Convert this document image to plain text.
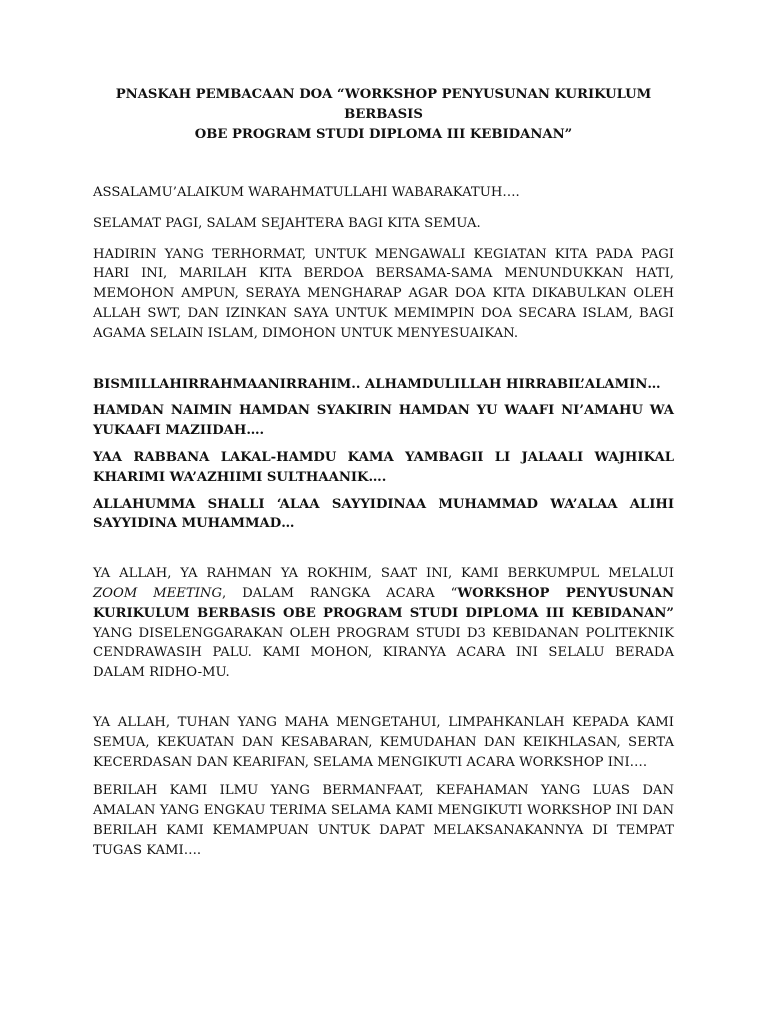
PNASKAH PEMBACAAN DOA “WORKSHOP PENYUSUNAN KURIKULUM BERBASIS
OBE PROGRAM STUDI DIPLOMA III KEBIDANAN”

ASSALAMU’ALAIKUM WARAHMATULLAHI WABARAKATUH….

SELAMAT PAGI, SALAM SEJAHTERA BAGI KITA SEMUA.

HADIRIN YANG TERHORMAT, UNTUK MENGAWALI KEGIATAN KITA PADA PAGI HARI INI, MARILAH KITA BERDOA BERSAMA-SAMA MENUNDUKKAN HATI, MEMOHON AMPUN, SERAYA MENGHARAP AGAR DOA KITA DIKABULKAN OLEH ALLAH SWT, DAN IZINKAN SAYA UNTUK MEMIMPIN DOA SECARA ISLAM, BAGI AGAMA SELAIN ISLAM, DIMOHON UNTUK MENYESUAIKAN.

BISMILLAHIRRAHMAANIRRAHIM.. ALHAMDULILLAH HIRRABIL’ALAMIN…

HAMDAN NAIMIN HAMDAN SYAKIRIN HAMDAN YU WAAFI NI’AMAHU WA YUKAAFI MAZIIDAH….

YAA RABBANA LAKAL-HAMDU KAMA YAMBAGII LI JALAALI WAJHIKAL KHARIMI WA’AZHIIMI SULTHAANIK….

ALLAHUMMA SHALLI ‘ALAA SAYYIDINAA MUHAMMAD WA’ALAA ALIHI SAYYIDINA MUHAMMAD…

YA ALLAH, YA RAHMAN YA ROKHIM, SAAT INI, KAMI BERKUMPUL MELALUI ZOOM MEETING, DALAM RANGKA ACARA “WORKSHOP PENYUSUNAN KURIKULUM BERBASIS OBE PROGRAM STUDI DIPLOMA III KEBIDANAN” YANG DISELENGGARAKAN OLEH PROGRAM STUDI D3 KEBIDANAN POLITEKNIK CENDRAWASIH PALU. KAMI MOHON, KIRANYA ACARA INI SELALU BERADA DALAM RIDHO-MU.

YA ALLAH, TUHAN YANG MAHA MENGETAHUI, LIMPAHKANLAH KEPADA KAMI SEMUA, KEKUATAN DAN KESABARAN, KEMUDAHAN DAN KEIKHLASAN, SERTA KECERDASAN DAN KEARIFAN, SELAMA MENGIKUTI ACARA WORKSHOP INI….

BERILAH KAMI ILMU YANG BERMANFAAT, KEFAHAMAN YANG LUAS DAN AMALAN YANG ENGKAU TERIMA SELAMA KAMI MENGIKUTI WORKSHOP INI DAN BERILAH KAMI KEMAMPUAN UNTUK DAPAT MELAKSANAKANNYA DI TEMPAT TUGAS KAMI….
